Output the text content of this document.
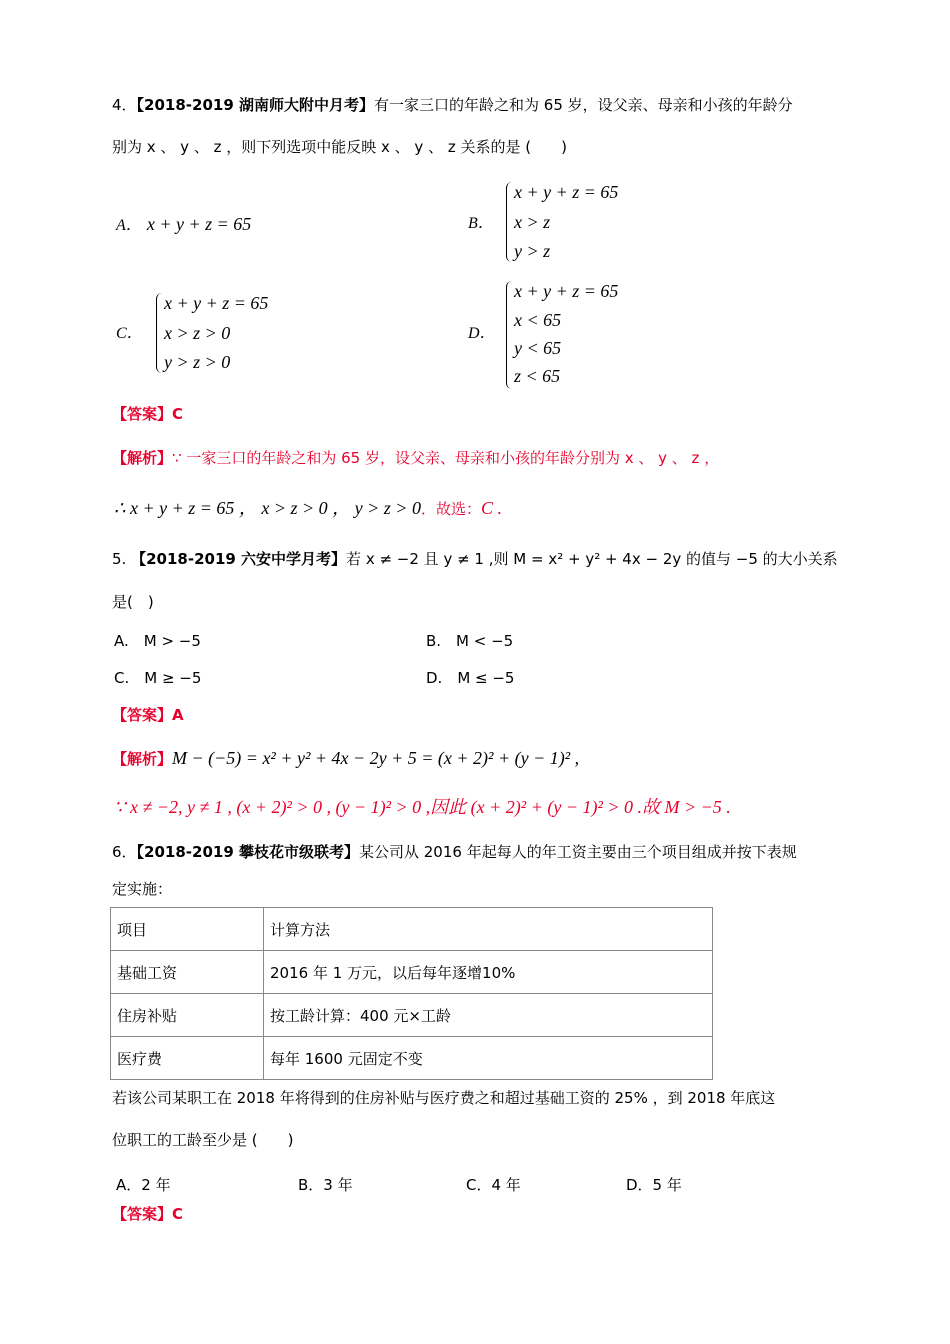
4．【2018-2019 湖南师大附中月考】有一家三口的年龄之和为 65 岁，设父亲、母亲和小孩的年龄分
别为 x 、 y 、 z ，则下列选项中能反映 x 、 y 、 z 关系的是 (　　)
A． x + y + z = 65	B．
x + y + z = 65
x > z
y > z
C．
x + y + z = 65
x > z > 0
y > z > 0
D．
x + y + z = 65
x < 65
y < 65
z < 65
【答案】C
【解析】∵ 一家三口的年龄之和为 65 岁，设父亲、母亲和小孩的年龄分别为 x 、 y 、 z ，
∴ x + y + z = 65 ， x > z > 0 ， y > z > 0．故选：C .
5. 【2018-2019 六安中学月考】若 x ≠ −2 且 y ≠ 1 ,则 M = x² + y² + 4x − 2y 的值与 −5 的大小关系
是(　)
A.　M > −5	B.　M < −5
C.　M ≥ −5	D.　M ≤ −5
【答案】A
【解析】M − (−5) = x² + y² + 4x − 2y + 5 = (x + 2)² + (y − 1)² ,
∵ x ≠ −2, y ≠ 1 , (x + 2)² > 0 , (y − 1)² > 0 ,因此 (x + 2)² + (y − 1)² > 0 .故 M > −5 .
6．【2018-2019 攀枝花市级联考】某公司从 2016 年起每人的年工资主要由三个项目组成并按下表规
定实施：
项目	计算方法
基础工资	2016 年 1 万元，以后每年逐增10%
住房补贴	按工龄计算：400 元×工龄
医疗费	每年 1600 元固定不变
若该公司某职工在 2018 年将得到的住房补贴与医疗费之和超过基础工资的 25% ，到 2018 年底这
位职工的工龄至少是 (　　)
A．2 年	B．3 年	C．4 年	D．5 年
【答案】C
